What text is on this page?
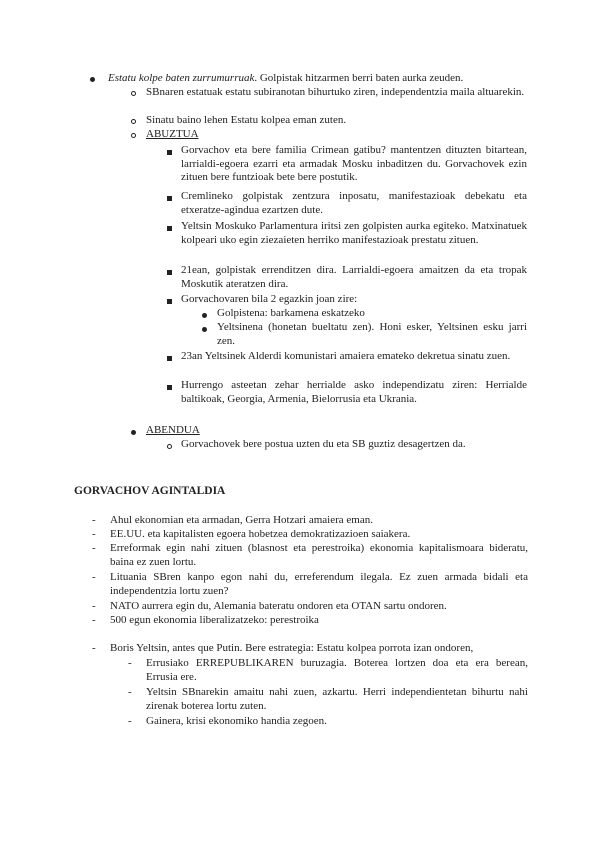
Estatu kolpe baten zurrumurruak. Golpistak hitzarmen berri baten aurka zeuden.
SBnaren estatuak estatu subiranotan bihurtuko ziren, independentzia maila altuarekin.
Sinatu baino lehen Estatu kolpea eman zuten.
ABUZTUA
Gorvachov eta bere familia Crimean gatibu? mantentzen dituzten bitartean, larrialdi-egoera ezarri eta armadak Mosku inbaditzen du. Gorvachovek ezin zituen bere funtzioak bete bere postutik.
Cremlineko golpistak zentzura inposatu, manifestazioak debekatu eta etxeratze-agindua ezartzen dute.
Yeltsin Moskuko Parlamentura iritsi zen golpisten aurka egiteko. Matxinatuek kolpeari uko egin ziezaieten herriko manifestazioak prestatu zituen.
21ean, golpistak errenditzen dira. Larrialdi-egoera amaitzen da eta tropak Moskutik ateratzen dira.
Gorvachovaren bila 2 egazkin joan zire:
Golpistena: barkamena eskatzeko
Yeltsinena (honetan bueltatu zen). Honi esker, Yeltsinen esku jarri zen.
23an Yeltsinek Alderdi komunistari amaiera emateko dekretua sinatu zuen.
Hurrengo asteetan zehar herrialde asko independizatu ziren: Herrialde baltikoak, Georgia, Armenia, Bielorrusia eta Ukrania.
ABENDUA
Gorvachovek bere postua uzten du eta SB guztiz desagertzen da.
GORVACHOV AGINTALDIA
- Ahul ekonomian eta armadan, Gerra Hotzari amaiera eman.
- EE.UU. eta kapitalisten egoera hobetzea demokratizazioen saiakera.
- Erreformak egin nahi zituen (blasnost eta perestroika) ekonomia kapitalismoara bideratu, baina ez zuen lortu.
- Lituania SBren kanpo egon nahi du, erreferendum ilegala. Ez zuen armada bidali eta independentzia lortu zuen?
- NATO aurrera egin du, Alemania bateratu ondoren eta OTAN sartu ondoren.
- 500 egun ekonomia liberalizatzeko: perestroika
- Boris Yeltsin, antes que Putin. Bere estrategia: Estatu kolpea porrota izan ondoren,
- Errusiako ERREPUBLIKAREN buruzagia. Boterea lortzen doa eta era berean, Errusia ere.
- Yeltsin SBnarekin amaitu nahi zuen, azkartu. Herri independientetan bihurtu nahi zirenak boterea lortu zuten.
- Gainera, krisi ekonomiko handia zegoen.
